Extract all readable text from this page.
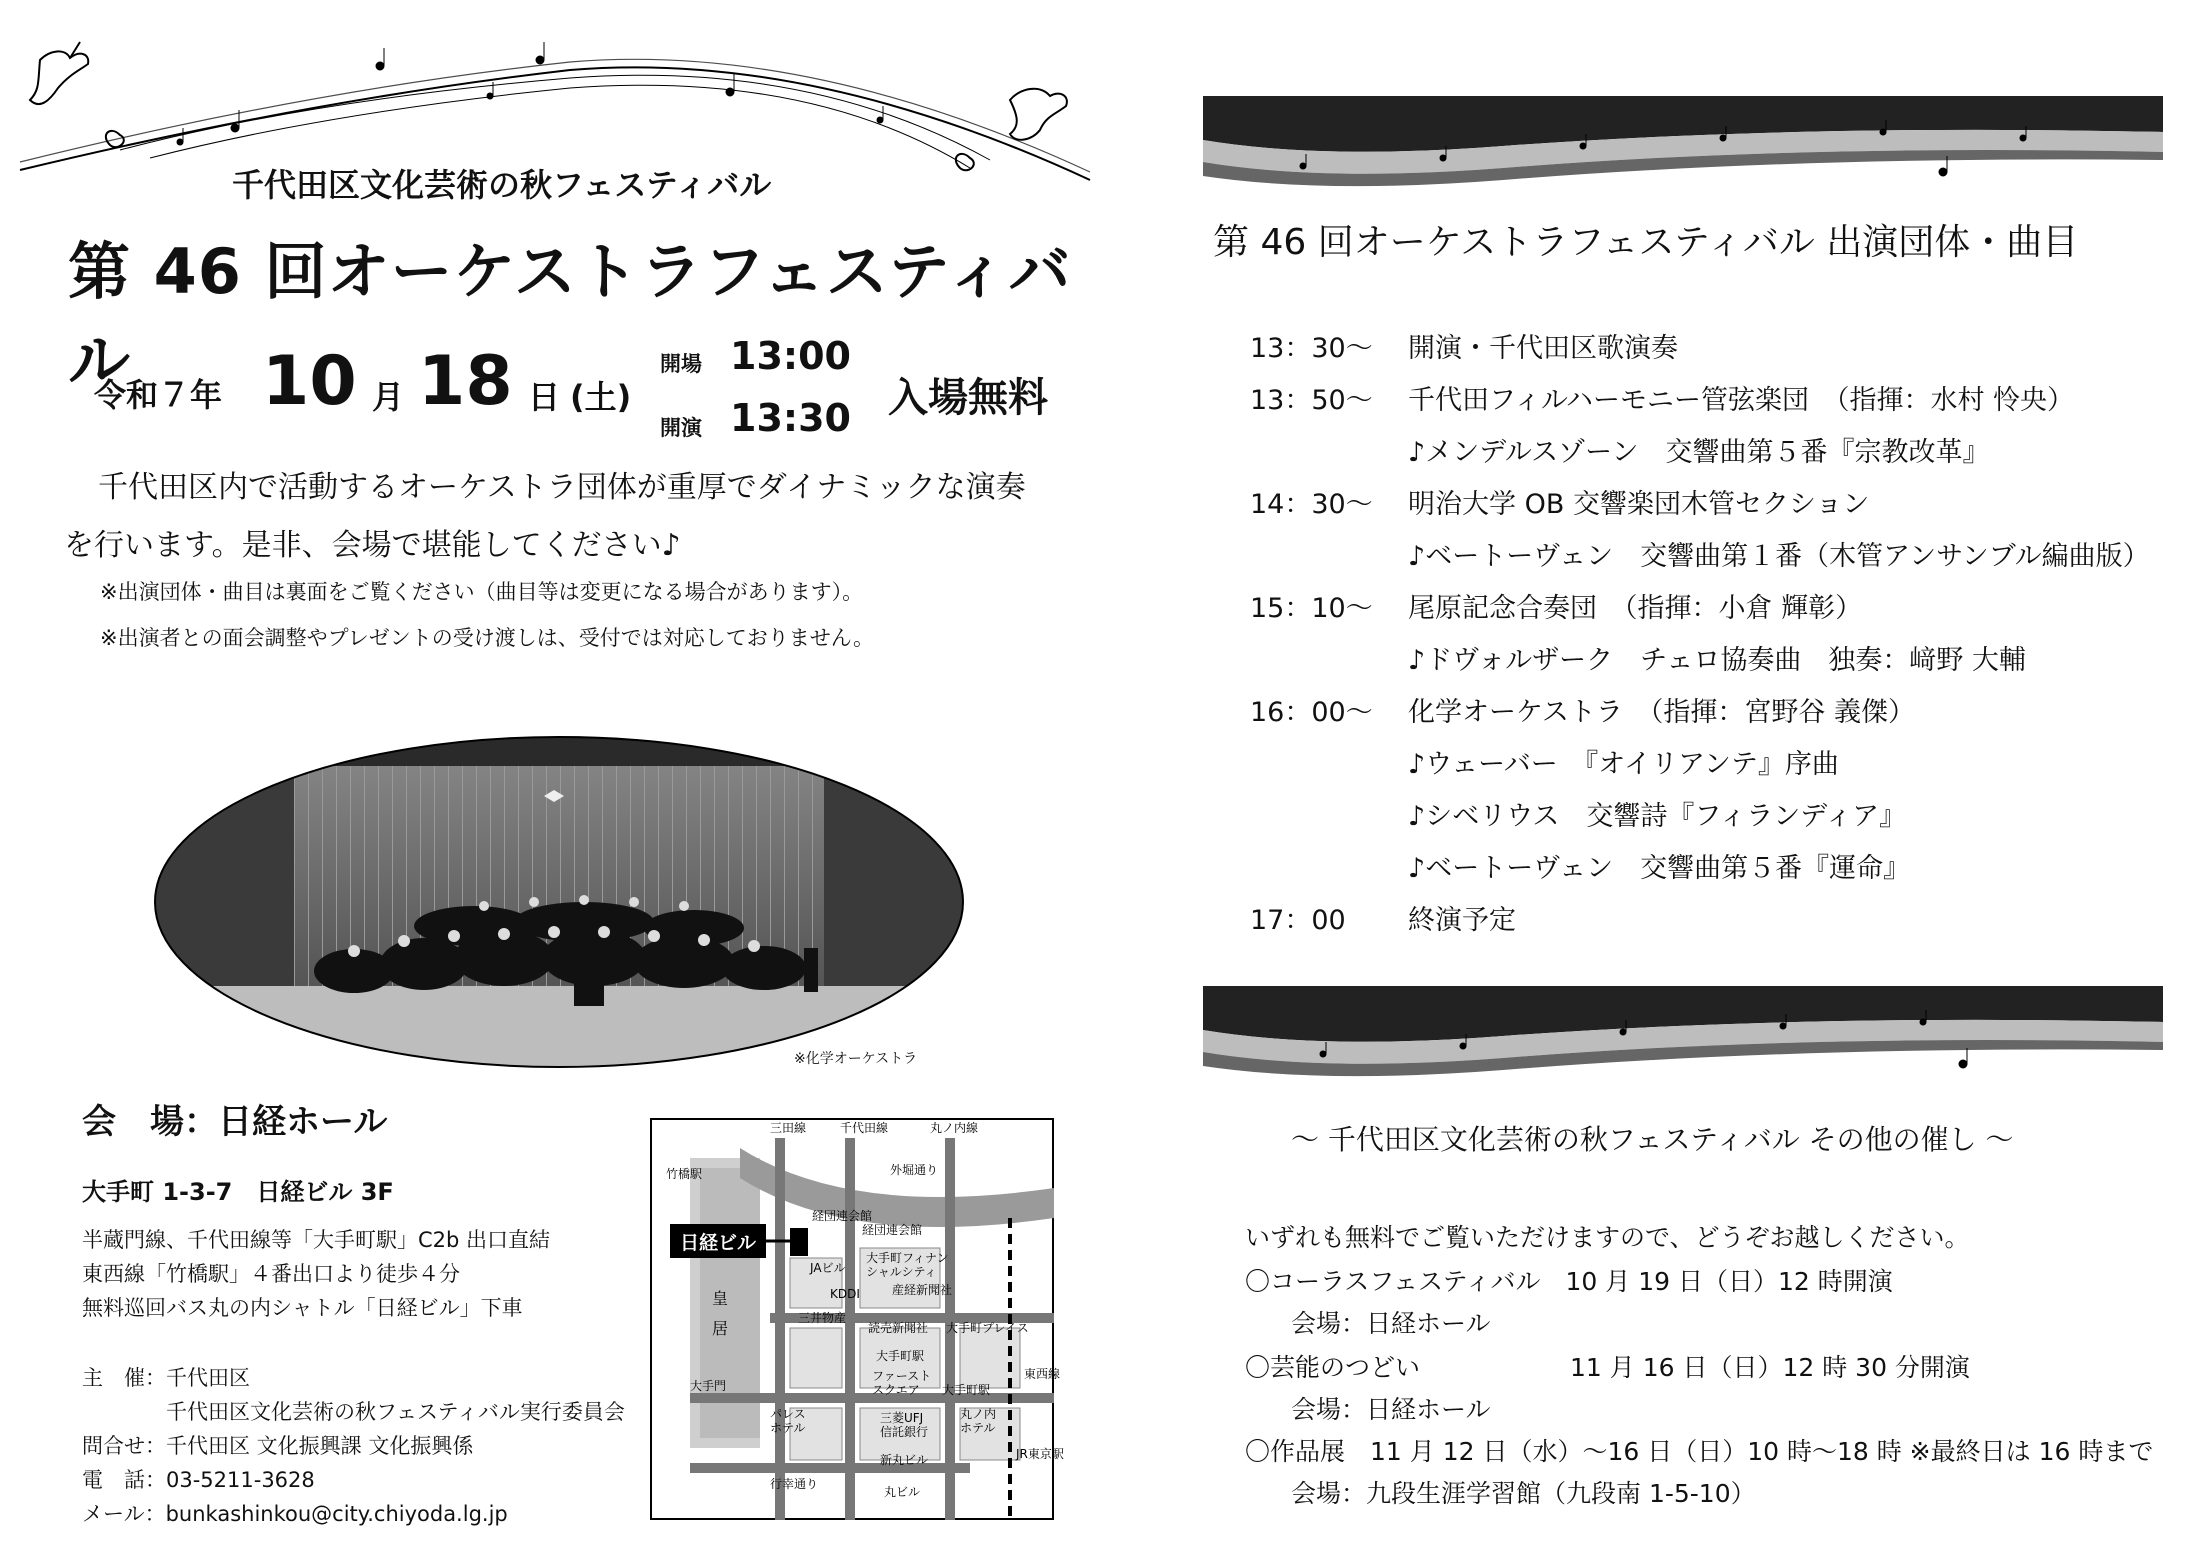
千代田区文化芸術の秋フェスティバル
第 46 回オーケストラフェスティバル
令和７年 10 月 18 日 (土)
開場 13:00
開演 13:30 入場無料
千代田区内で活動するオーケストラ団体が重厚でダイナミックな演奏
を行います。是非、会場で堪能してください♪
※出演団体・曲目は裏面をご覧ください（曲目等は変更になる場合があります）。
※出演者との面会調整やプレゼントの受け渡しは、受付では対応しておりません。
※化学オーケストラ
会　場：日経ホール
大手町 1-3-7　日経ビル 3F
半蔵門線、千代田線等「大手町駅」C2b 出口直結
東西線「竹橋駅」４番出口より徒歩４分
無料巡回バス丸の内シャトル「日経ビル」下車
主　催：千代田区
千代田区文化芸術の秋フェスティバル実行委員会
問合せ：千代田区 文化振興課 文化振興係
電　話：03-5211-3628
メール：bunkashinkou@city.chiyoda.lg.jp
日経ビル
三田線	千代田線	丸ノ内線
竹橋駅	外堀通り
経団連会館
経団連会館
大手町フィナン
シャルシティ
JAビル
KDDI	産経新聞社
三井物産
読売新聞社 大手町プレイス
大手町駅
ファースト
スクエア
皇
居
大手門
パレス
ホテル
三菱UFJ
信託銀行
丸ノ内
ホテル
新丸ビル
丸ビル
行幸通り
大手町駅
東西線
JR東京駅
第 46 回オーケストラフェスティバル 出演団体・曲目
13：30～ 開演・千代田区歌演奏
13：50～ 千代田フィルハーモニー管弦楽団　（指揮：水村 怜央）
♪メンデルスゾーン　交響曲第５番『宗教改革』
14：30～ 明治大学 OB 交響楽団木管セクション
♪ベートーヴェン　交響曲第１番（木管アンサンブル編曲版）
15：10～ 尾原記念合奏団　（指揮：小倉 輝彰）
♪ドヴォルザーク　チェロ協奏曲　独奏：﨑野 大輔
16：00～ 化学オーケストラ　（指揮：宮野谷 義傑）
♪ウェーバー　『オイリアンテ』序曲
♪シベリウス　交響詩『フィランディア』
♪ベートーヴェン　交響曲第５番『運命』
17：00 終演予定
～ 千代田区文化芸術の秋フェスティバル その他の催し ～
いずれも無料でご覧いただけますので、どうぞお越しください。
〇コーラスフェスティバル　10 月 19 日（日）12 時開演
会場：日経ホール
〇芸能のつどい　　　　　　11 月 16 日（日）12 時 30 分開演
会場：日経ホール
〇作品展　11 月 12 日（水）～16 日（日）10 時～18 時 ※最終日は 16 時まで
会場：九段生涯学習館（九段南 1-5-10）
